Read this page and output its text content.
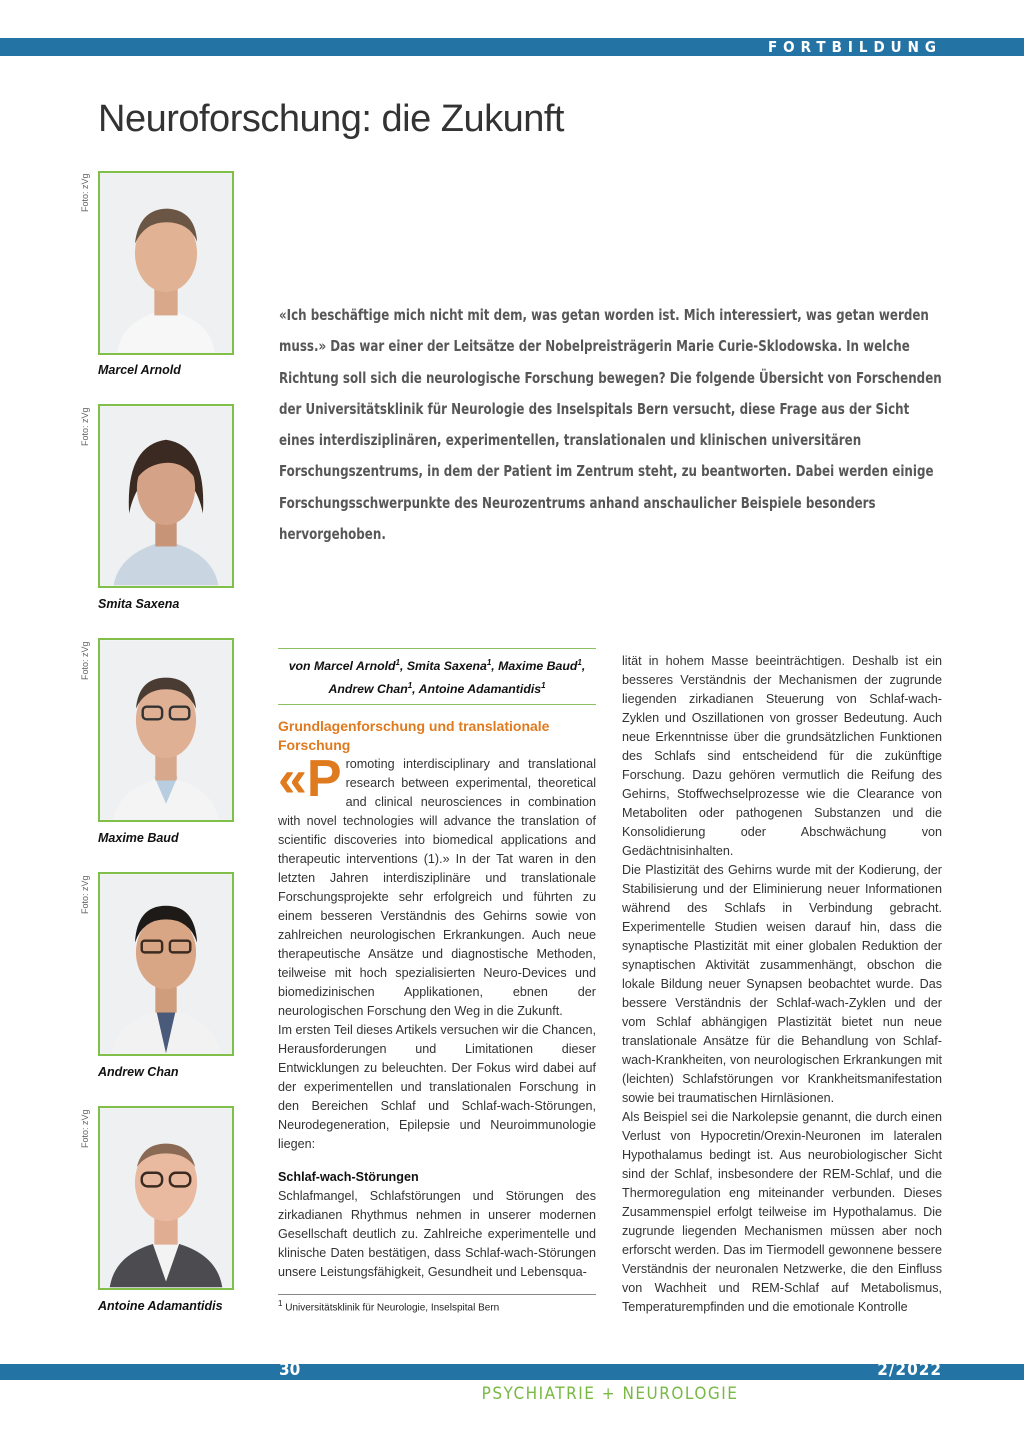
FORTBILDUNG
Neuroforschung: die Zukunft
Foto: zVg
Marcel Arnold
Foto: zVg
Smita Saxena
Foto: zVg
Maxime Baud
Foto: zVg
Andrew Chan
Foto: zVg
Antoine Adamantidis

«Ich beschäftige mich nicht mit dem, was getan worden ist. Mich interessiert, was getan werden muss.» Das war einer der Leitsätze der Nobelpreisträgerin Marie Curie-Sklodowska. In welche Richtung soll sich die neurologische Forschung bewegen? Die folgende Übersicht von Forschenden der Universitätsklinik für Neurologie des Inselspitals Bern versucht, diese Frage aus der Sicht eines interdisziplinären, experimentellen, translationalen und klinischen universitären Forschungszentrums, in dem der Patient im Zentrum steht, zu beantworten. Dabei werden einige Forschungsschwerpunkte des Neurozentrums anhand anschaulicher Beispiele besonders hervorgehoben.

von Marcel Arnold$^1$, Smita Saxena$^1$, Maxime Baud$^1$,
Andrew Chan$^1$, Antoine Adamantidis$^1$

Grundlagenforschung und translationale Forschung

«P romoting interdisciplinary and translational research between experimental, theoretical and clinical neurosciences in combination with novel technologies will advance the translation of scientific discoveries into biomedical applications and therapeutic interventions (1).» In der Tat waren in den letzten Jahren interdisziplinäre und translationale Forschungsprojekte sehr erfolgreich und führten zu einem besseren Verständnis des Gehirns sowie von zahlreichen neurologischen Erkrankungen. Auch neue therapeutische Ansätze und diagnostische Methoden, teilweise mit hoch spezialisierten Neuro-Devices und biomedizinischen Applikationen, ebnen der neurologischen Forschung den Weg in die Zukunft.

Im ersten Teil dieses Artikels versuchen wir die Chancen, Herausforderungen und Limitationen dieser Entwicklungen zu beleuchten. Der Fokus wird dabei auf der experimentellen und translationalen Forschung in den Bereichen Schlaf und Schlaf-wach-Störungen, Neurodegeneration, Epilepsie und Neuroimmunologie liegen:

Schlaf-wach-Störungen

Schlafmangel, Schlafstörungen und Störungen des zirkadianen Rhythmus nehmen in unserer modernen Gesellschaft deutlich zu. Zahlreiche experimentelle und klinische Daten bestätigen, dass Schlaf-wach-Störungen unsere Leistungsfähigkeit, Gesundheit und Lebensqua-

lität in hohem Masse beeinträchtigen. Deshalb ist ein besseres Verständnis der Mechanismen der zugrunde liegenden zirkadianen Steuerung von Schlaf-wach-Zyklen und Oszillationen von grosser Bedeutung. Auch neue Erkenntnisse über die grundsätzlichen Funktionen des Schlafs sind entscheidend für die zukünftige Forschung. Dazu gehören vermutlich die Reifung des Gehirns, Stoffwechselprozesse wie die Clearance von Metaboliten oder pathogenen Substanzen und die Konsolidierung oder Abschwächung von Gedächtnisinhalten.

Die Plastizität des Gehirns wurde mit der Kodierung, der Stabilisierung und der Eliminierung neuer Informationen während des Schlafs in Verbindung gebracht. Experimentelle Studien weisen darauf hin, dass die synaptische Plastizität mit einer globalen Reduktion der synaptischen Aktivität zusammenhängt, obschon die lokale Bildung neuer Synapsen beobachtet wurde. Das bessere Verständnis der Schlaf-wach-Zyklen und der vom Schlaf abhängigen Plastizität bietet nun neue translationale Ansätze für die Behandlung von Schlaf-wach-Krankheiten, von neurologischen Erkrankungen mit (leichten) Schlafstörungen vor Krankheitsmanifestation sowie bei traumatischen Hirnläsionen.

Als Beispiel sei die Narkolepsie genannt, die durch einen Verlust von Hypocretin/Orexin-Neuronen im lateralen Hypothalamus bedingt ist. Aus neurobiologischer Sicht sind der Schlaf, insbesondere der REM-Schlaf, und die Thermoregulation eng miteinander verbunden. Dieses Zusammenspiel erfolgt teilweise im Hypothalamus. Die zugrunde liegenden Mechanismen müssen aber noch erforscht werden. Das im Tiermodell gewonnene bessere Verständnis der neuronalen Netzwerke, die den Einfluss von Wachheit und REM-Schlaf auf Metabolismus, Temperaturempfinden und die emotionale Kontrolle

$^1$ Universitätsklinik für Neurologie, Inselspital Bern
30	2/2022
PSYCHIATRIE + NEUROLOGIE
